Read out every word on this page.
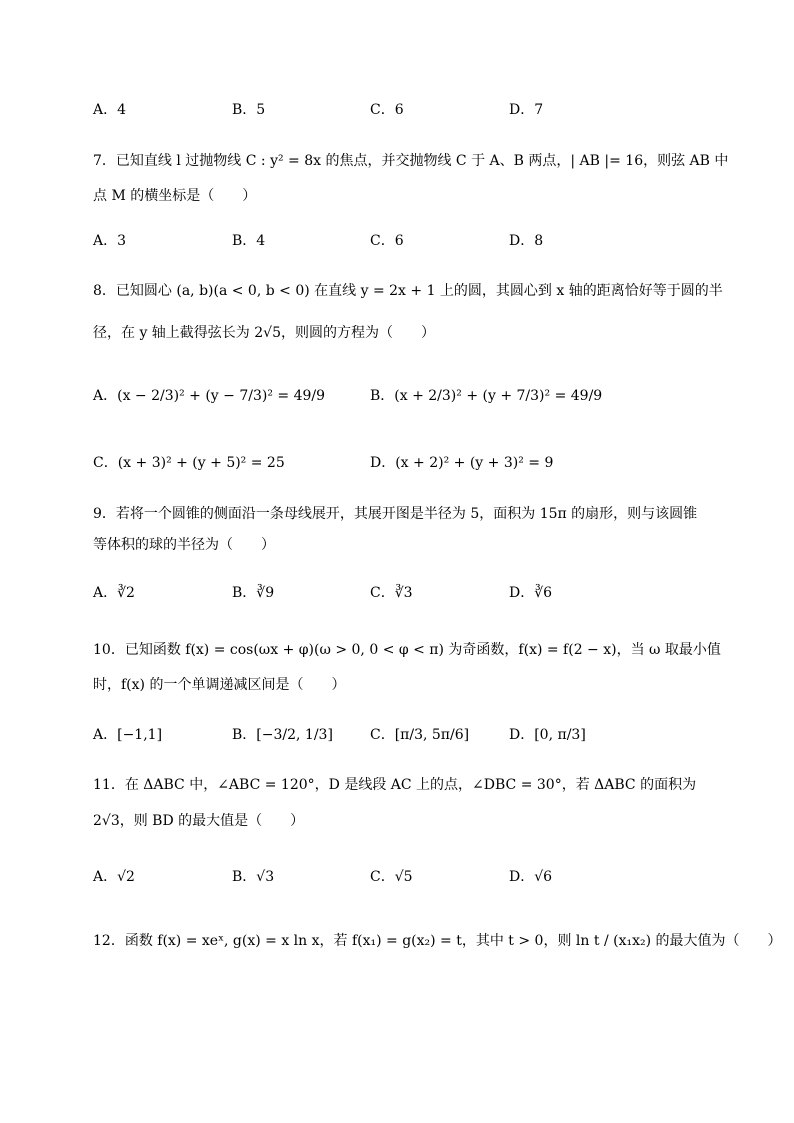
A．4	B．5	C．6	D．7
7．已知直线 l 过抛物线 C : y² = 8x 的焦点，并交抛物线 C 于 A、B 两点，| AB |= 16，则弦 AB 中
点 M 的横坐标是（　　）
A．3	B．4	C．6	D．8
8．已知圆心 (a, b)(a < 0, b < 0) 在直线 y = 2x + 1 上的圆，其圆心到 x 轴的距离恰好等于圆的半
径，在 y 轴上截得弦长为 2√5，则圆的方程为（　　）
A．(x − 2/3)² + (y − 7/3)² = 49/9	B．(x + 2/3)² + (y + 7/3)² = 49/9
C．(x + 3)² + (y + 5)² = 25	D．(x + 2)² + (y + 3)² = 9
9．若将一个圆锥的侧面沿一条母线展开，其展开图是半径为 5，面积为 15π 的扇形，则与该圆锥
等体积的球的半径为（　　）
A．∛2	B．∛9	C．∛3	D．∛6
10．已知函数 f(x) = cos(ωx + φ)(ω > 0, 0 < φ < π) 为奇函数，f(x) = f(2 − x)，当 ω 取最小值
时，f(x) 的一个单调递减区间是（　　）
A．[−1,1]	B．[−3/2, 1/3]	C．[π/3, 5π/6]	D．[0, π/3]
11．在 ΔABC 中，∠ABC = 120°，D 是线段 AC 上的点，∠DBC = 30°，若 ΔABC 的面积为
2√3，则 BD 的最大值是（　　）
A．√2	B．√3	C．√5	D．√6
12．函数 f(x) = xeˣ, g(x) = x ln x，若 f(x₁) = g(x₂) = t，其中 t > 0，则 ln t / (x₁x₂) 的最大值为（　　）
